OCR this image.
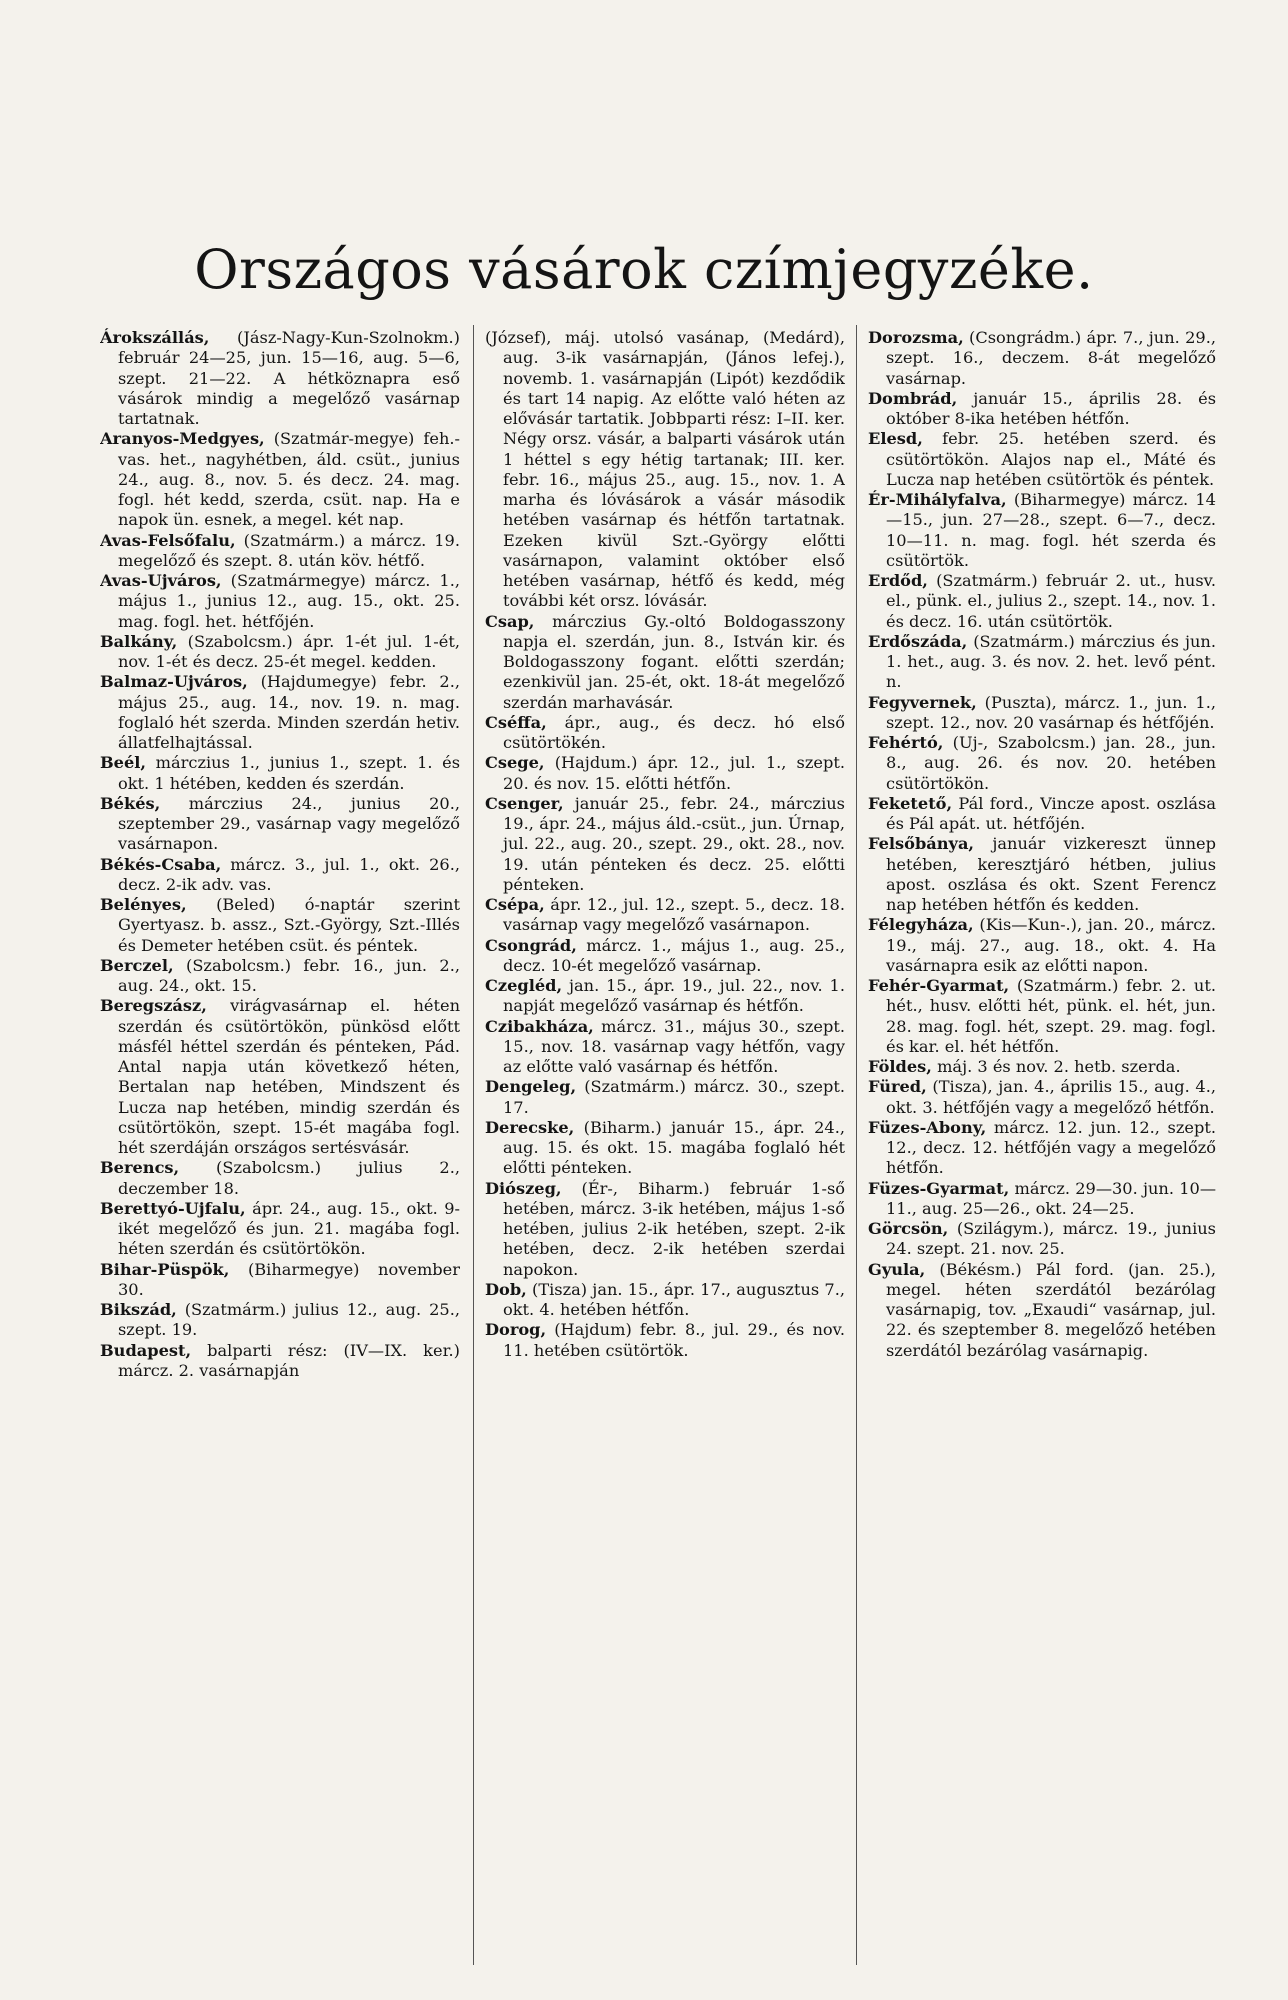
Országos vásárok czímjegyzéke.

Árokszállás, (Jász-Nagy-Kun-Szolnokm.) február 24—25, jun. 15—16, aug. 5—6, szept. 21—22. A hétköznapra eső vásárok mindig a megelőző vasárnap tartatnak.

Aranyos-Medgyes, (Szatmár-megye) feh.-vas. het., nagyhétben, áld. csüt., junius 24., aug. 8., nov. 5. és decz. 24. mag. fogl. hét kedd, szerda, csüt. nap. Ha e napok ün. esnek, a megel. két nap.

Avas-Felsőfalu, (Szatmárm.) a márcz. 19. megelőző és szept. 8. után köv. hétfő.

Avas-Ujváros, (Szatmármegye) márcz. 1., május 1., junius 12., aug. 15., okt. 25. mag. fogl. het. hétfőjén.

Balkány, (Szabolcsm.) ápr. 1-ét jul. 1-ét, nov. 1-ét és decz. 25-ét megel. kedden.

Balmaz-Ujváros, (Hajdumegye) febr. 2., május 25., aug. 14., nov. 19. n. mag. foglaló hét szerda. Minden szerdán hetiv. állatfelhajtással.

Beél, márczius 1., junius 1., szept. 1. és okt. 1 hétében, kedden és szerdán.

Békés, márczius 24., junius 20., szeptember 29., vasárnap vagy megelőző vasárnapon.

Békés-Csaba, márcz. 3., jul. 1., okt. 26., decz. 2-ik adv. vas.

Belényes, (Beled) ó-naptár szerint Gyertyasz. b. assz., Szt.-György, Szt.-Illés és Demeter hetében csüt. és péntek.

Berczel, (Szabolcsm.) febr. 16., jun. 2., aug. 24., okt. 15.

Beregszász, virágvasárnap el. héten szerdán és csütörtökön, pünkösd előtt másfél héttel szerdán és pénteken, Pád. Antal napja után következő héten, Bertalan nap hetében, Mindszent és Lucza nap hetében, mindig szerdán és csütörtökön, szept. 15-ét magába fogl. hét szerdáján országos sertésvásár.

Berencs, (Szabolcsm.) julius 2., deczember 18.

Berettyó-Ujfalu, ápr. 24., aug. 15., okt. 9-ikét megelőző és jun. 21. magába fogl. héten szerdán és csütörtökön.

Bihar-Püspök, (Biharmegye) november 30.

Bikszád, (Szatmárm.) julius 12., aug. 25., szept. 19.

Budapest, balparti rész: (IV—IX. ker.) márcz. 2. vasárnapján

(József), máj. utolsó vasánap, (Medárd), aug. 3-ik vasárnapján, (János lefej.), novemb. 1. vasárnapján (Lipót) kezdődik és tart 14 napig. Az előtte való héten az elővásár tartatik. Jobbparti rész: I–II. ker. Négy orsz. vásár, a balparti vásárok után 1 héttel s egy hétig tartanak; III. ker. febr. 16., május 25., aug. 15., nov. 1. A marha és lóvásárok a vásár második hetében vasárnap és hétfőn tartatnak. Ezeken kivül Szt.-György előtti vasárnapon, valamint október első hetében vasárnap, hétfő és kedd, még további két orsz. lóvásár.

Csap, márczius Gy.-oltó Boldogasszony napja el. szerdán, jun. 8., István kir. és Boldogasszony fogant. előtti szerdán; ezenkivül jan. 25-ét, okt. 18-át megelőző szerdán marhavásár.

Cséffa, ápr., aug., és decz. hó első csütörtökén.

Csege, (Hajdum.) ápr. 12., jul. 1., szept. 20. és nov. 15. előtti hétfőn.

Csenger, január 25., febr. 24., márczius 19., ápr. 24., május áld.-csüt., jun. Úrnap, jul. 22., aug. 20., szept. 29., okt. 28., nov. 19. után pénteken és decz. 25. előtti pénteken.

Csépa, ápr. 12., jul. 12., szept. 5., decz. 18. vasárnap vagy megelőző vasárnapon.

Csongrád, márcz. 1., május 1., aug. 25., decz. 10-ét megelőző vasárnap.

Czegléd, jan. 15., ápr. 19., jul. 22., nov. 1. napját megelőző vasárnap és hétfőn.

Czibakháza, márcz. 31., május 30., szept. 15., nov. 18. vasárnap vagy hétfőn, vagy az előtte való vasárnap és hétfőn.

Dengeleg, (Szatmárm.) márcz. 30., szept. 17.

Derecske, (Biharm.) január 15., ápr. 24., aug. 15. és okt. 15. magába foglaló hét előtti pénteken.

Diószeg, (Ér-, Biharm.) február 1-ső hetében, márcz. 3-ik hetében, május 1-ső hetében, julius 2-ik hetében, szept. 2-ik hetében, decz. 2-ik hetében szerdai napokon.

Dob, (Tisza) jan. 15., ápr. 17., augusztus 7., okt. 4. hetében hétfőn.

Dorog, (Hajdum) febr. 8., jul. 29., és nov. 11. hetében csütörtök.

Dorozsma, (Csongrádm.) ápr. 7., jun. 29., szept. 16., deczem. 8-át megelőző vasárnap.

Dombrád, január 15., április 28. és október 8-ika hetében hétfőn.

Elesd, febr. 25. hetében szerd. és csütörtökön. Alajos nap el., Máté és Lucza nap hetében csütörtök és péntek.

Ér-Mihályfalva, (Biharmegye) márcz. 14—15., jun. 27—28., szept. 6—7., decz. 10—11. n. mag. fogl. hét szerda és csütörtök.

Erdőd, (Szatmárm.) február 2. ut., husv. el., pünk. el., julius 2., szept. 14., nov. 1. és decz. 16. után csütörtök.

Erdőszáda, (Szatmárm.) márczius és jun. 1. het., aug. 3. és nov. 2. het. levő pént. n.

Fegyvernek, (Puszta), márcz. 1., jun. 1., szept. 12., nov. 20 vasárnap és hétfőjén.

Fehértó, (Uj-, Szabolcsm.) jan. 28., jun. 8., aug. 26. és nov. 20. hetében csütörtökön.

Feketető, Pál ford., Vincze apost. oszlása és Pál apát. ut. hétfőjén.

Felsőbánya, január vizkereszt ünnep hetében, keresztjáró hétben, julius apost. oszlása és okt. Szent Ferencz nap hetében hétfőn és kedden.

Félegyháza, (Kis—Kun-.), jan. 20., márcz. 19., máj. 27., aug. 18., okt. 4. Ha vasárnapra esik az előtti napon.

Fehér-Gyarmat, (Szatmárm.) febr. 2. ut. hét., husv. előtti hét, pünk. el. hét, jun. 28. mag. fogl. hét, szept. 29. mag. fogl. és kar. el. hét hétfőn.

Földes, máj. 3 és nov. 2. hetb. szerda.

Füred, (Tisza), jan. 4., április 15., aug. 4., okt. 3. hétfőjén vagy a megelőző hétfőn.

Füzes-Abony, márcz. 12. jun. 12., szept. 12., decz. 12. hétfőjén vagy a megelőző hétfőn.

Füzes-Gyarmat, márcz. 29—30. jun. 10—11., aug. 25—26., okt. 24—25.

Görcsön, (Szilágym.), márcz. 19., junius 24. szept. 21. nov. 25.

Gyula, (Békésm.) Pál ford. (jan. 25.), megel. héten szerdától bezárólag vasárnapig, tov. „Exaudi“ vasárnap, jul. 22. és szeptember 8. megelőző hetében szerdától bezárólag vasárnapig.
